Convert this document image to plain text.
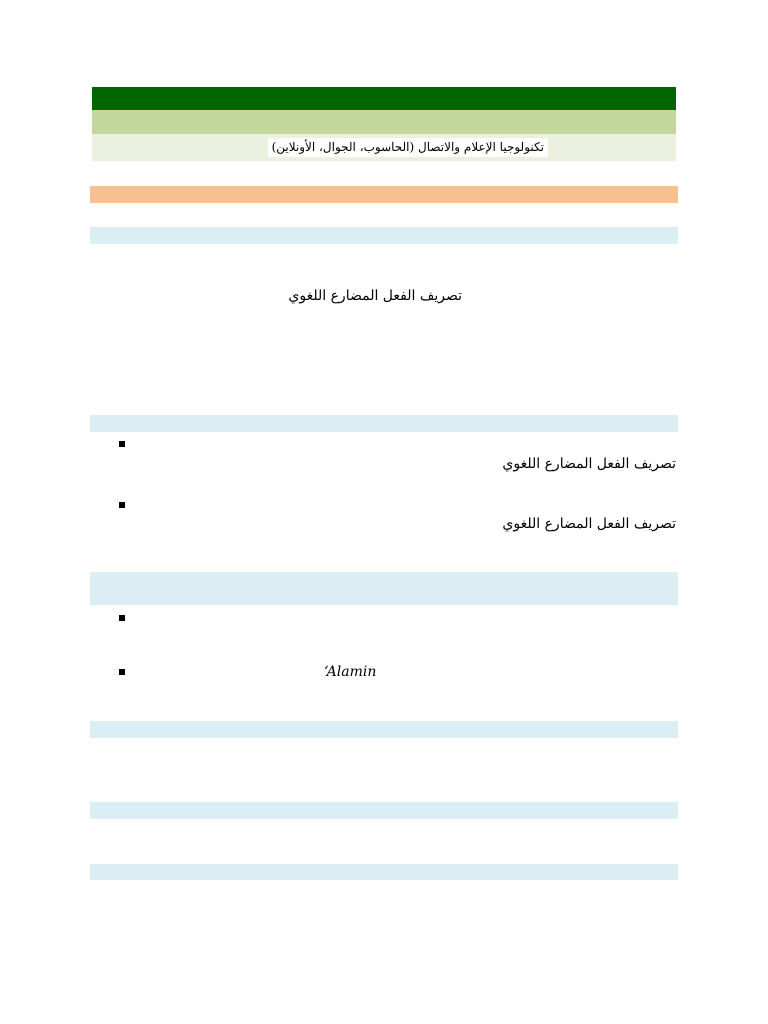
تكنولوجيا الإعلام والاتصال (الحاسوب، الجوال، الأونلاين)
تصريف الفعل المضارع اللغوي
تصريف الفعل المضارع اللغوي
تصريف الفعل المضارع اللغوي
‘Alamin
